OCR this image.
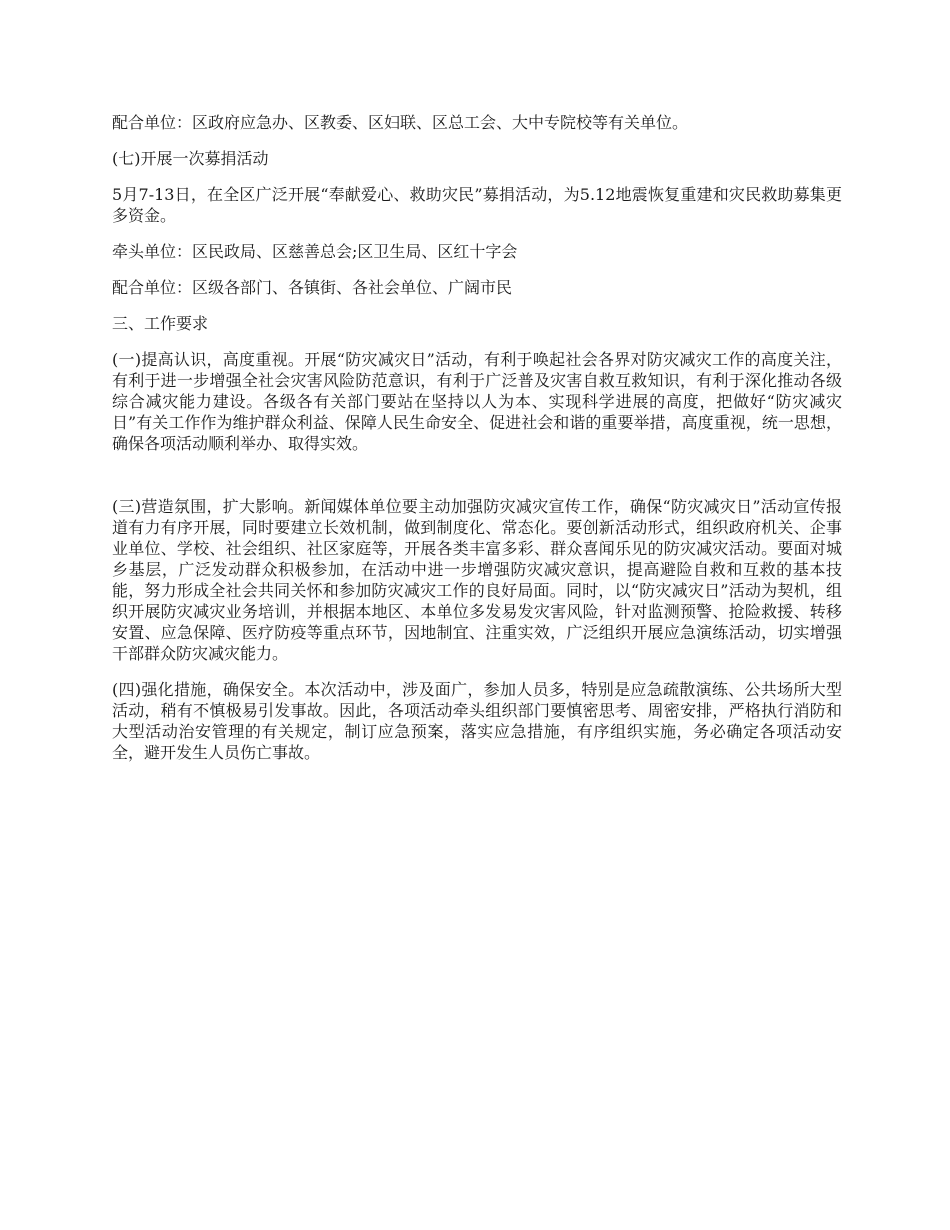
配合单位：区政府应急办、区教委、区妇联、区总工会、大中专院校等有关单位。

(七)开展一次募捐活动

5月7-13日，在全区广泛开展“奉献爱心、救助灾民”募捐活动，为5.12地震恢复重建和灾民救助募集更多资金。

牵头单位：区民政局、区慈善总会;区卫生局、区红十字会

配合单位：区级各部门、各镇街、各社会单位、广阔市民

三、工作要求

(一)提高认识，高度重视。开展“防灾减灾日”活动，有利于唤起社会各界对防灾减灾工作的高度关注，有利于进一步增强全社会灾害风险防范意识，有利于广泛普及灾害自救互救知识，有利于深化推动各级综合减灾能力建设。各级各有关部门要站在坚持以人为本、实现科学进展的高度，把做好“防灾减灾日”有关工作作为维护群众利益、保障人民生命安全、促进社会和谐的重要举措，高度重视，统一思想，确保各项活动顺利举办、取得实效。

(三)营造氛围，扩大影响。新闻媒体单位要主动加强防灾减灾宣传工作，确保“防灾减灾日”活动宣传报道有力有序开展，同时要建立长效机制，做到制度化、常态化。要创新活动形式，组织政府机关、企事业单位、学校、社会组织、社区家庭等，开展各类丰富多彩、群众喜闻乐见的防灾减灾活动。要面对城乡基层，广泛发动群众积极参加，在活动中进一步增强防灾减灾意识，提高避险自救和互救的基本技能，努力形成全社会共同关怀和参加防灾减灾工作的良好局面。同时，以“防灾减灾日”活动为契机，组织开展防灾减灾业务培训，并根据本地区、本单位多发易发灾害风险，针对监测预警、抢险救援、转移安置、应急保障、医疗防疫等重点环节，因地制宜、注重实效，广泛组织开展应急演练活动，切实增强干部群众防灾减灾能力。

(四)强化措施，确保安全。本次活动中，涉及面广，参加人员多，特别是应急疏散演练、公共场所大型活动，稍有不慎极易引发事故。因此，各项活动牵头组织部门要慎密思考、周密安排，严格执行消防和大型活动治安管理的有关规定，制订应急预案，落实应急措施，有序组织实施，务必确定各项活动安全，避开发生人员伤亡事故。
